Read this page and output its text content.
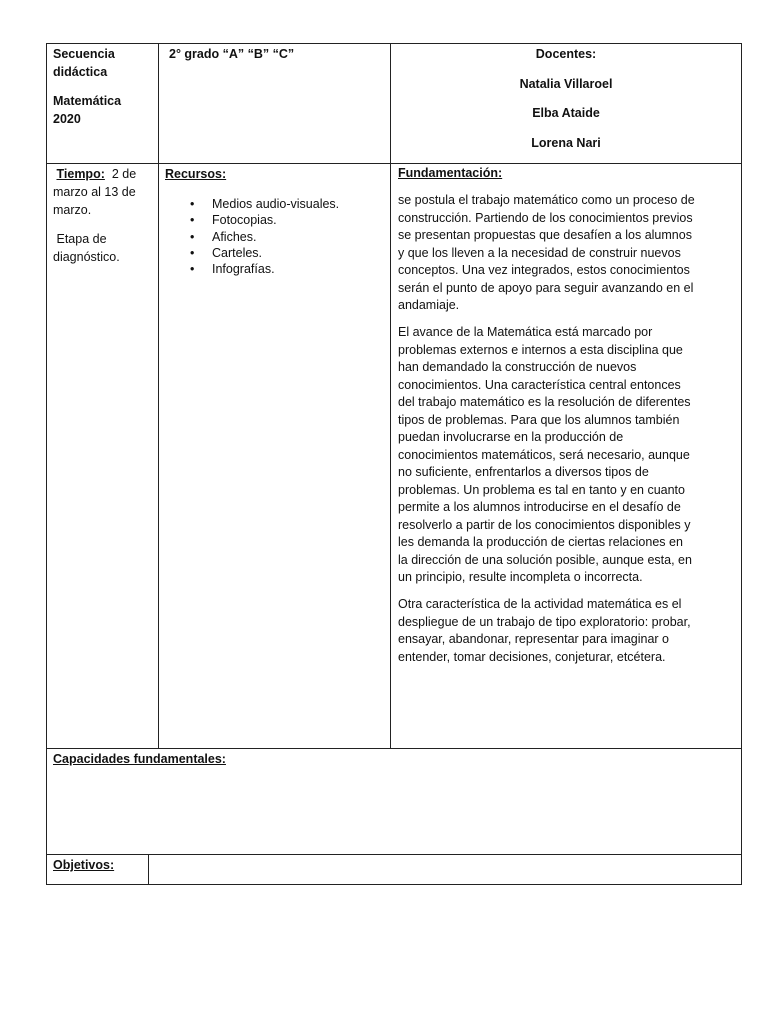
Secuencia
didáctica
Matemática
2020
2° grado “A” “B” “C”	Docentes:
Natalia Villaroel
Elba Ataide
Lorena Nari
Tiempo: 2 de
marzo al 13 de
marzo.
Etapa de
diagnóstico.
Recursos:
• Medios audio-visuales.
• Fotocopias.
• Afiches.
• Carteles.
• Infografías.
Fundamentación:
se postula el trabajo matemático como un proceso de
construcción. Partiendo de los conocimientos previos
se presentan propuestas que desafíen a los alumnos
y que los lleven a la necesidad de construir nuevos
conceptos. Una vez integrados, estos conocimientos
serán el punto de apoyo para seguir avanzando en el
andamiaje.
El avance de la Matemática está marcado por
problemas externos e internos a esta disciplina que
han demandado la construcción de nuevos
conocimientos. Una característica central entonces
del trabajo matemático es la resolución de diferentes
tipos de problemas. Para que los alumnos también
puedan involucrarse en la producción de
conocimientos matemáticos, será necesario, aunque
no suficiente, enfrentarlos a diversos tipos de
problemas. Un problema es tal en tanto y en cuanto
permite a los alumnos introducirse en el desafío de
resolverlo a partir de los conocimientos disponibles y
les demanda la producción de ciertas relaciones en
la dirección de una solución posible, aunque esta, en
un principio, resulte incompleta o incorrecta.
Otra característica de la actividad matemática es el
despliegue de un trabajo de tipo exploratorio: probar,
ensayar, abandonar, representar para imaginar o
entender, tomar decisiones, conjeturar, etcétera.
Capacidades fundamentales:
Objetivos:
